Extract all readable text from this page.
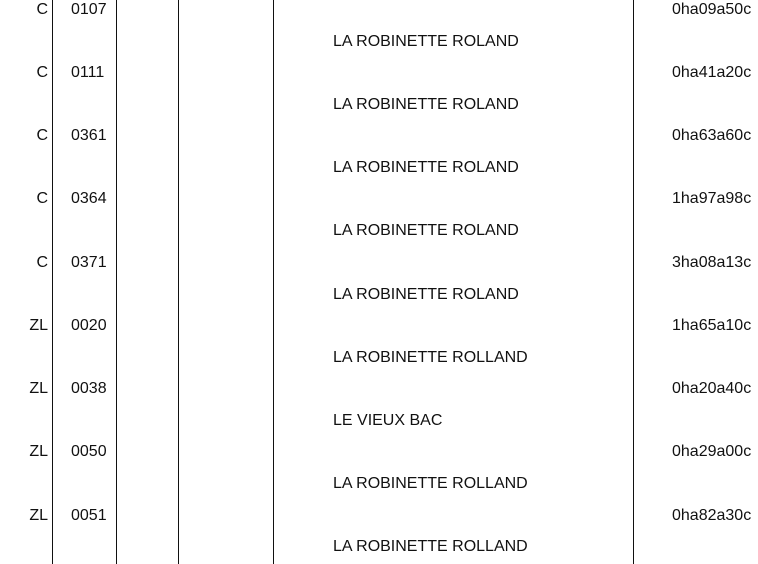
C 0107
LA ROBINETTE ROLAND
0ha09a50c
C 0111
LA ROBINETTE ROLAND
0ha41a20c
C 0361
LA ROBINETTE ROLAND
0ha63a60c
C 0364
LA ROBINETTE ROLAND
1ha97a98c
C 0371
LA ROBINETTE ROLAND
3ha08a13c
ZL 0020
LA ROBINETTE ROLLAND
1ha65a10c
ZL 0038
LE VIEUX BAC
0ha20a40c
ZL 0050
LA ROBINETTE ROLLAND
0ha29a00c
ZL 0051
LA ROBINETTE ROLLAND
0ha82a30c
